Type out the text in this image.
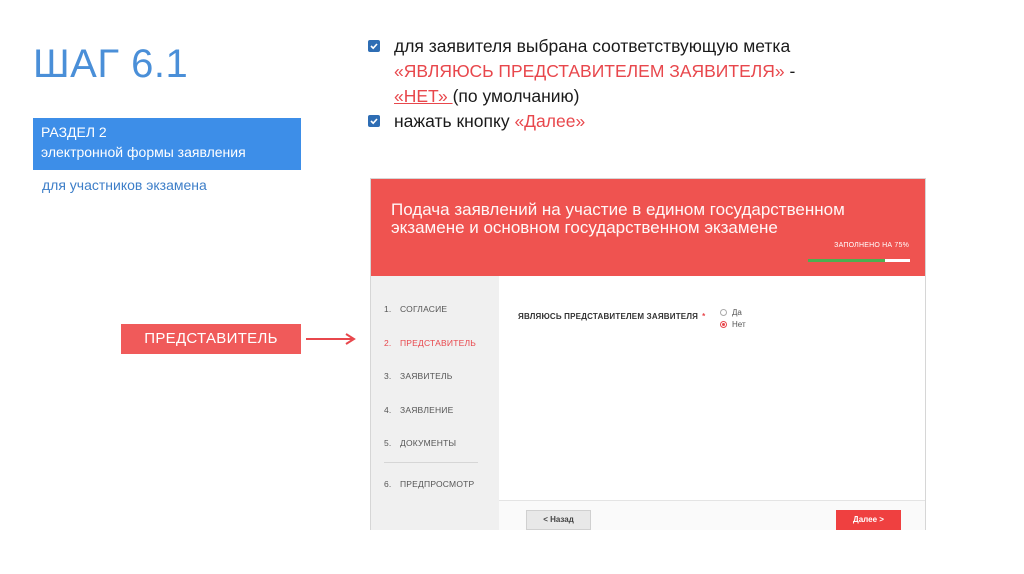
ШАГ 6.1
РАЗДЕЛ 2
электронной формы заявления
для участников экзамена
для заявителя выбрана соответствующую метка
«ЯВЛЯЮСЬ ПРЕДСТАВИТЕЛЕМ ЗАЯВИТЕЛЯ» -
«НЕТ» (по умолчанию)
нажать кнопку «Далее»
ПРЕДСТАВИТЕЛЬ
Подача заявлений на участие в едином государственном экзамене и основном государственном экзамене
ЗАПОЛНЕНО НА 75%
1. СОГЛАСИЕ
2. ПРЕДСТАВИТЕЛЬ
3. ЗАЯВИТЕЛЬ
4. ЗАЯВЛЕНИЕ
5. ДОКУМЕНТЫ
6. ПРЕДПРОСМОТР
ЯВЛЯЮСЬ ПРЕДСТАВИТЕЛЕМ ЗАЯВИТЕЛЯ *	Да
Нет
< Назад	Далее >
